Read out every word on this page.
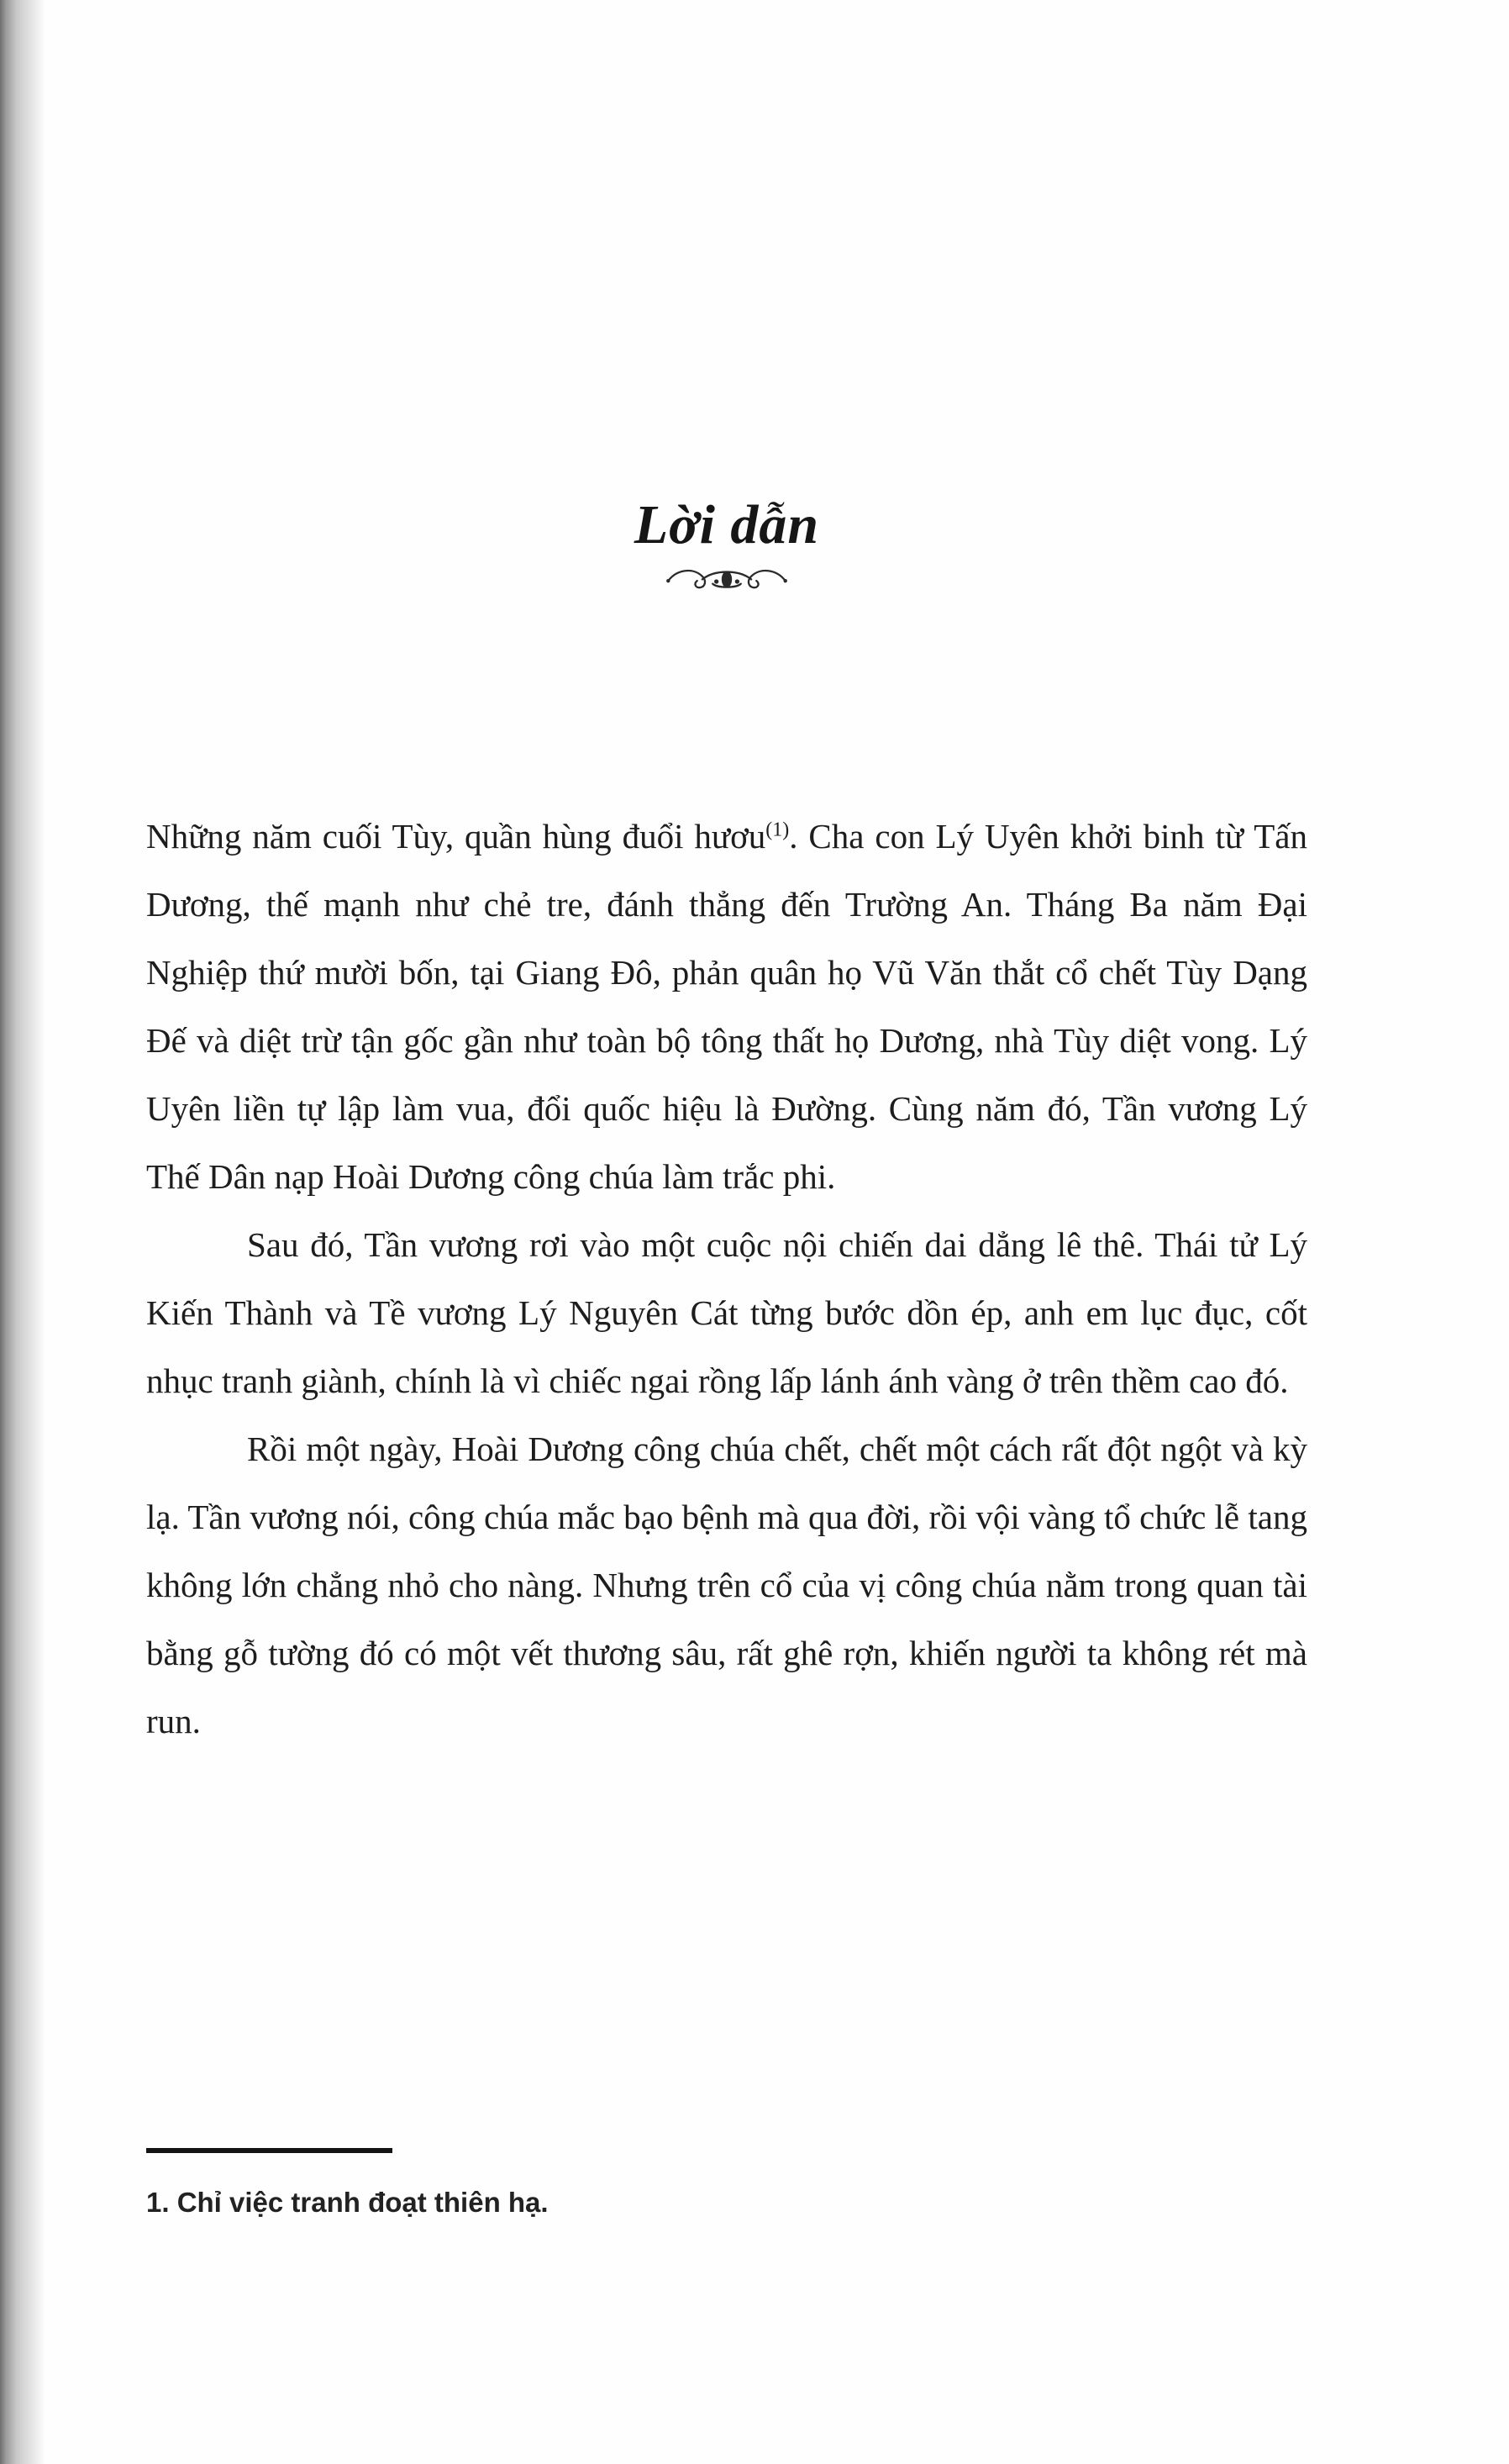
Lời dẫn

Những năm cuối Tùy, quần hùng đuổi hươu$^{(1)}$. Cha con Lý Uyên khởi binh từ Tấn Dương, thế mạnh như chẻ tre, đánh thẳng đến Trường An. Tháng Ba năm Đại Nghiệp thứ mười bốn, tại Giang Đô, phản quân họ Vũ Văn thắt cổ chết Tùy Dạng Đế và diệt trừ tận gốc gần như toàn bộ tông thất họ Dương, nhà Tùy diệt vong. Lý Uyên liền tự lập làm vua, đổi quốc hiệu là Đường. Cùng năm đó, Tần vương Lý Thế Dân nạp Hoài Dương công chúa làm trắc phi.

Sau đó, Tần vương rơi vào một cuộc nội chiến dai dẳng lê thê. Thái tử Lý Kiến Thành và Tề vương Lý Nguyên Cát từng bước dồn ép, anh em lục đục, cốt nhục tranh giành, chính là vì chiếc ngai rồng lấp lánh ánh vàng ở trên thềm cao đó.

Rồi một ngày, Hoài Dương công chúa chết, chết một cách rất đột ngột và kỳ lạ. Tần vương nói, công chúa mắc bạo bệnh mà qua đời, rồi vội vàng tổ chức lễ tang không lớn chẳng nhỏ cho nàng. Nhưng trên cổ của vị công chúa nằm trong quan tài bằng gỗ tường đó có một vết thương sâu, rất ghê rợn, khiến người ta không rét mà run.

1. Chỉ việc tranh đoạt thiên hạ.
